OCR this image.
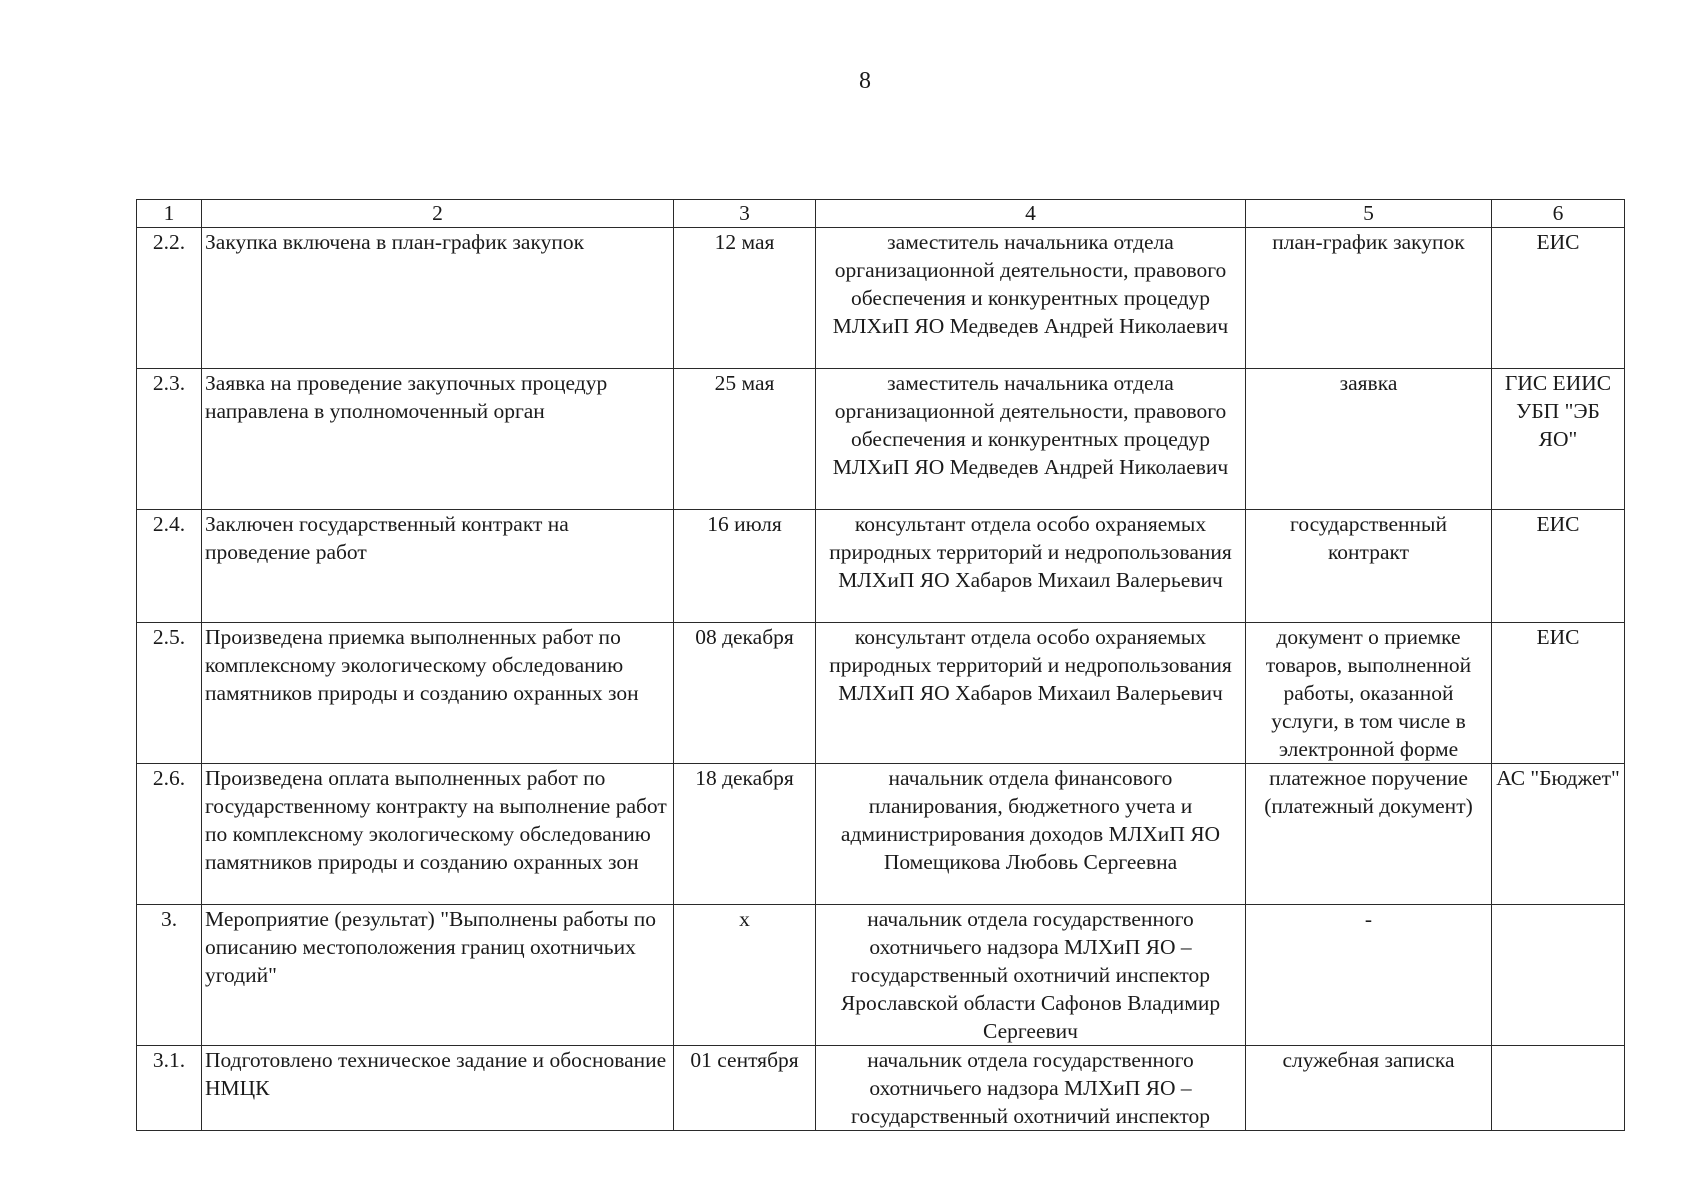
8
1	2	3	4	5	6
2.2.	Закупка включена в план-график закупок	12 мая	заместитель начальника отдела организационной деятельности, правового обеспечения и конкурентных процедур МЛХиП ЯО Медведев Андрей Николаевич	план-график закупок	ЕИС
2.3.	Заявка на проведение закупочных процедур направлена в уполномоченный орган	25 мая	заместитель начальника отдела организационной деятельности, правового обеспечения и конкурентных процедур МЛХиП ЯО Медведев Андрей Николаевич	заявка	ГИС ЕИИС УБП "ЭБ ЯО"
2.4.	Заключен государственный контракт на проведение работ	16 июля	консультант отдела особо охраняемых природных территорий и недропользования МЛХиП ЯО Хабаров Михаил Валерьевич	государственный контракт	ЕИС
2.5.	Произведена приемка выполненных работ по комплексному экологическому обследованию памятников природы и созданию охранных зон	08 декабря	консультант отдела особо охраняемых природных территорий и недропользования МЛХиП ЯО Хабаров Михаил Валерьевич	документ о приемке товаров, выполненной работы, оказанной услуги, в том числе в электронной форме	ЕИС
2.6.	Произведена оплата выполненных работ по государственному контракту на выполнение работ по комплексному экологическому обследованию памятников природы и созданию охранных зон	18 декабря	начальник отдела финансового планирования, бюджетного учета и администрирования доходов МЛХиП ЯО Помещикова Любовь Сергеевна	платежное поручение (платежный документ)	АС "Бюджет"
3.	Мероприятие (результат) "Выполнены работы по описанию местоположения границ охотничьих угодий"	х	начальник отдела государственного охотничьего надзора МЛХиП ЯО – государственный охотничий инспектор Ярославской области Сафонов Владимир Сергеевич	-	
3.1.	Подготовлено техническое задание и обоснование НМЦК	01 сентября	начальник отдела государственного охотничьего надзора МЛХиП ЯО – государственный охотничий инспектор	служебная записка	
